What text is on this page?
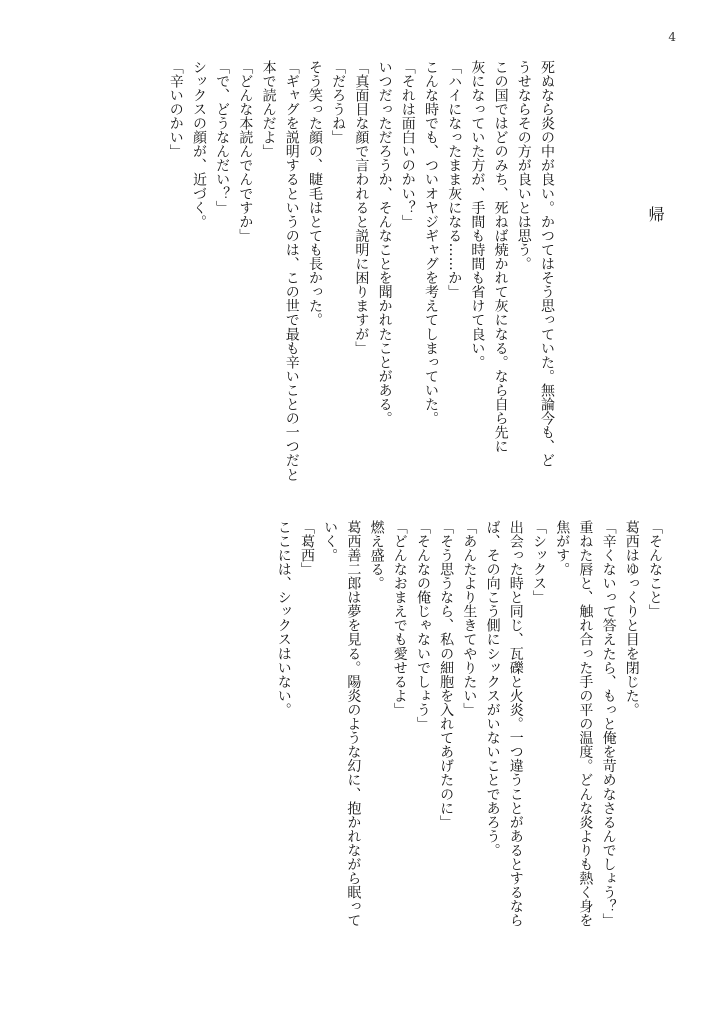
4
帰
死ぬなら炎の中が良い。かつてはそう思っていた。無論今も、ど
うせならその方が良いとは思う。
この国ではどのみち、死ねば焼かれて灰になる。なら自ら先に
灰になっていた方が、手間も時間も省けて良い。
「ハイになったまま灰になる……か」
こんな時でも、ついオヤジギャグを考えてしまっていた。
「それは面白いのかい？」
いつだっただろうか、そんなことを聞かれたことがある。
「真面目な顔で言われると説明に困りますが」
「だろうね」
そう笑った顔の、睫毛はとても長かった。
「ギャグを説明するというのは、この世で最も辛いことの一つだと
本で読んだよ」
「どんな本読んでんですか」
「で、どうなんだい？」
シックスの顔が、近づく。
「辛いのかい」
「そんなこと」
葛西はゆっくりと目を閉じた。
「辛くないって答えたら、もっと俺を苛めなさるんでしょう？」
重ねた唇と、触れ合った手の平の温度。どんな炎よりも熱く身を
焦がす。
「シックス」
出会った時と同じ、瓦礫と火炎。一つ違うことがあるとするなら
ば、その向こう側にシックスがいないことであろう。
「あんたより生きてやりたい」
「そう思うなら、私の細胞を入れてあげたのに」
「そんなの俺じゃないでしょう」
「どんなおまえでも愛せるよ」
燃え盛る。
葛西善二郎は夢を見る。陽炎のような幻に、抱かれながら眠って
いく。
「葛西」
ここには、シックスはいない。
